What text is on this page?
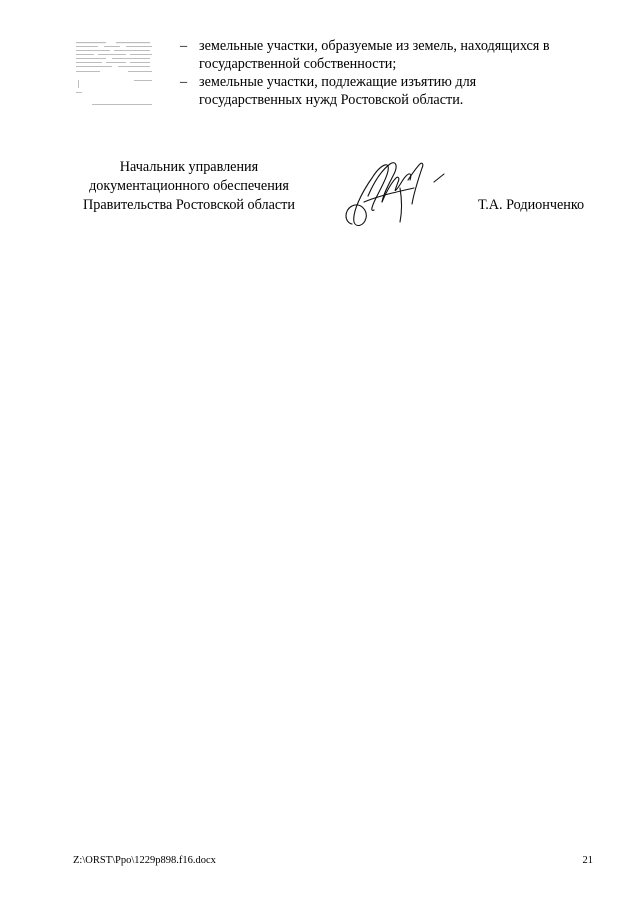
– земельные участки, образуемые из земель, находящихся в
государственной собственности;
– земельные участки, подлежащие изъятию для
государственных нужд Ростовской области.
Начальник управления
документационного обеспечения
Правительства Ростовской области	Т.А. Родионченко
Z:\ORST\Ppo\1229p898.f16.docx	21
